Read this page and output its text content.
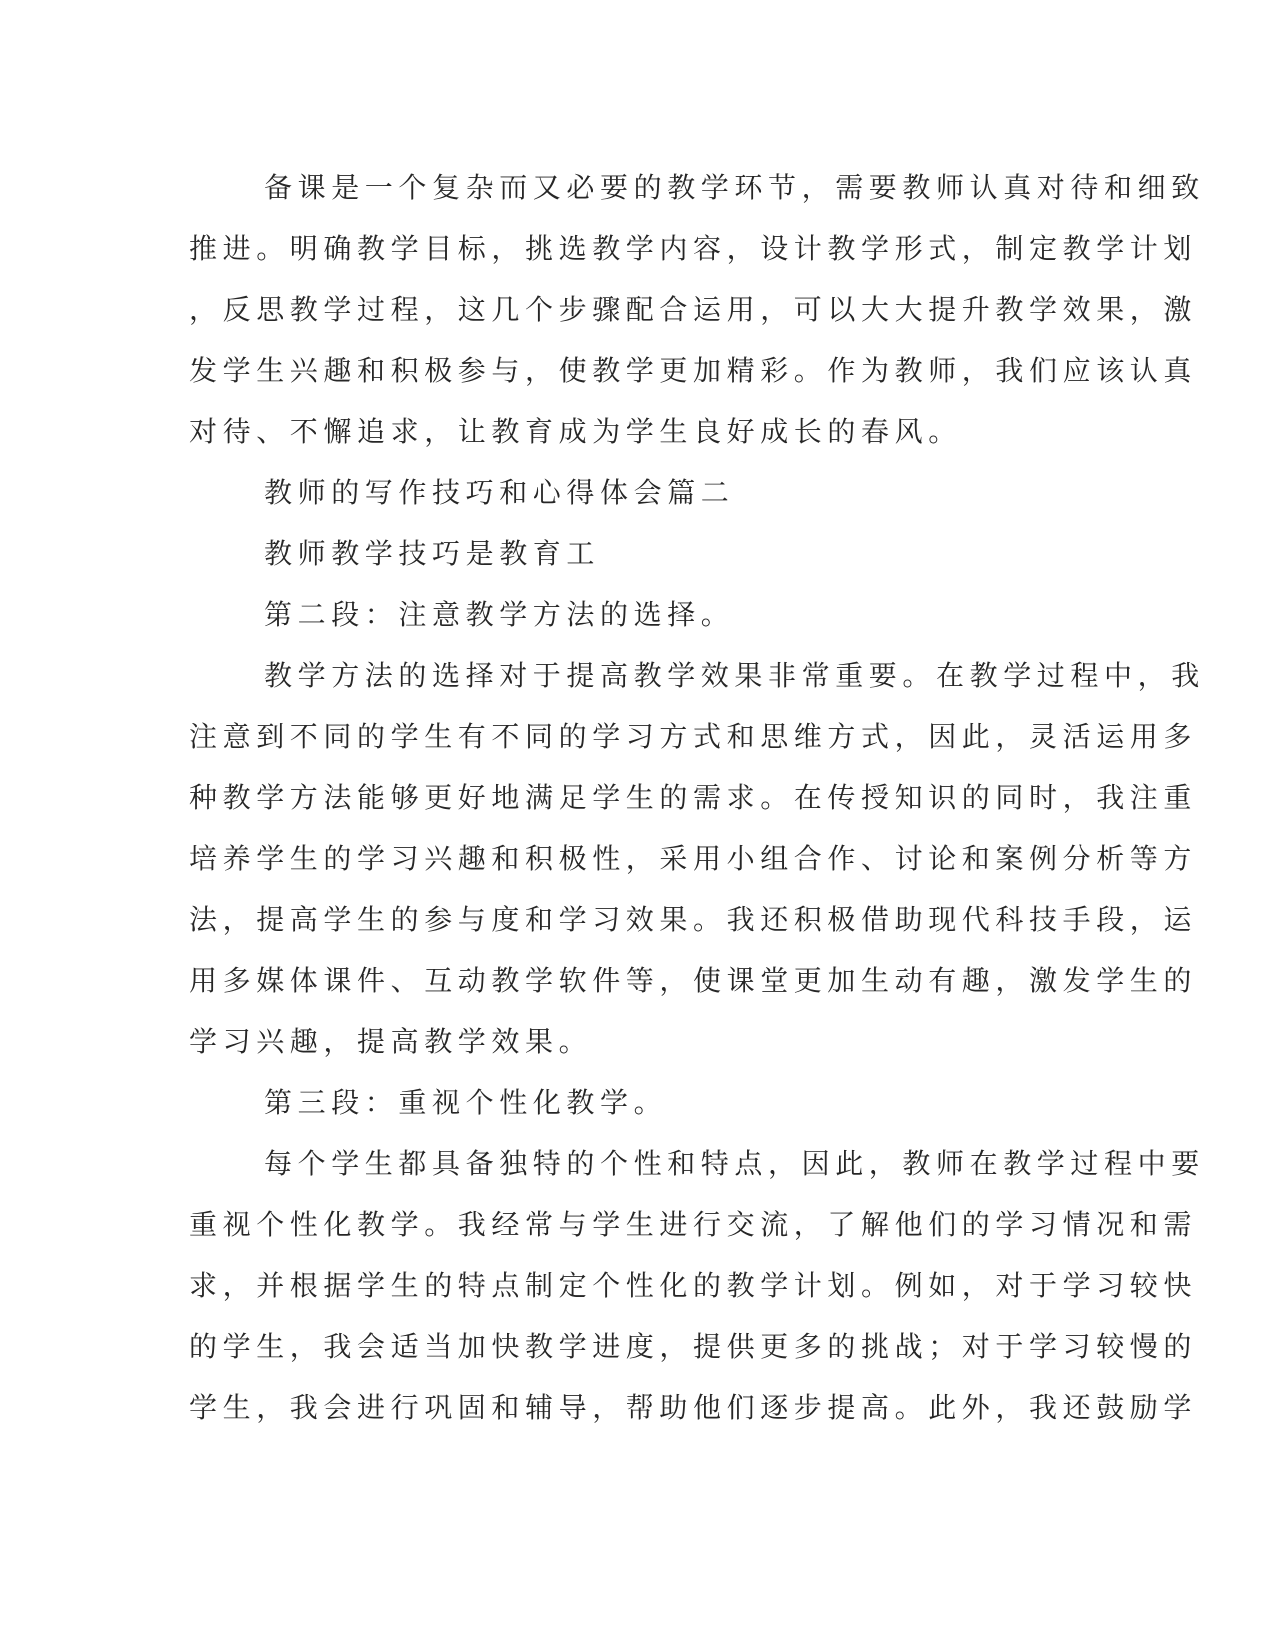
备课是一个复杂而又必要的教学环节，需要教师认真对待和细致

推进。明确教学目标，挑选教学内容，设计教学形式，制定教学计划

，反思教学过程，这几个步骤配合运用，可以大大提升教学效果，激

发学生兴趣和积极参与，使教学更加精彩。作为教师，我们应该认真

对待、不懈追求，让教育成为学生良好成长的春风。

教师的写作技巧和心得体会篇二

教师教学技巧是教育工

第二段：注意教学方法的选择。

教学方法的选择对于提高教学效果非常重要。在教学过程中，我

注意到不同的学生有不同的学习方式和思维方式，因此，灵活运用多

种教学方法能够更好地满足学生的需求。在传授知识的同时，我注重

培养学生的学习兴趣和积极性，采用小组合作、讨论和案例分析等方

法，提高学生的参与度和学习效果。我还积极借助现代科技手段，运

用多媒体课件、互动教学软件等，使课堂更加生动有趣，激发学生的

学习兴趣，提高教学效果。

第三段：重视个性化教学。

每个学生都具备独特的个性和特点，因此，教师在教学过程中要

重视个性化教学。我经常与学生进行交流，了解他们的学习情况和需

求，并根据学生的特点制定个性化的教学计划。例如，对于学习较快

的学生，我会适当加快教学进度，提供更多的挑战；对于学习较慢的

学生，我会进行巩固和辅导，帮助他们逐步提高。此外，我还鼓励学
